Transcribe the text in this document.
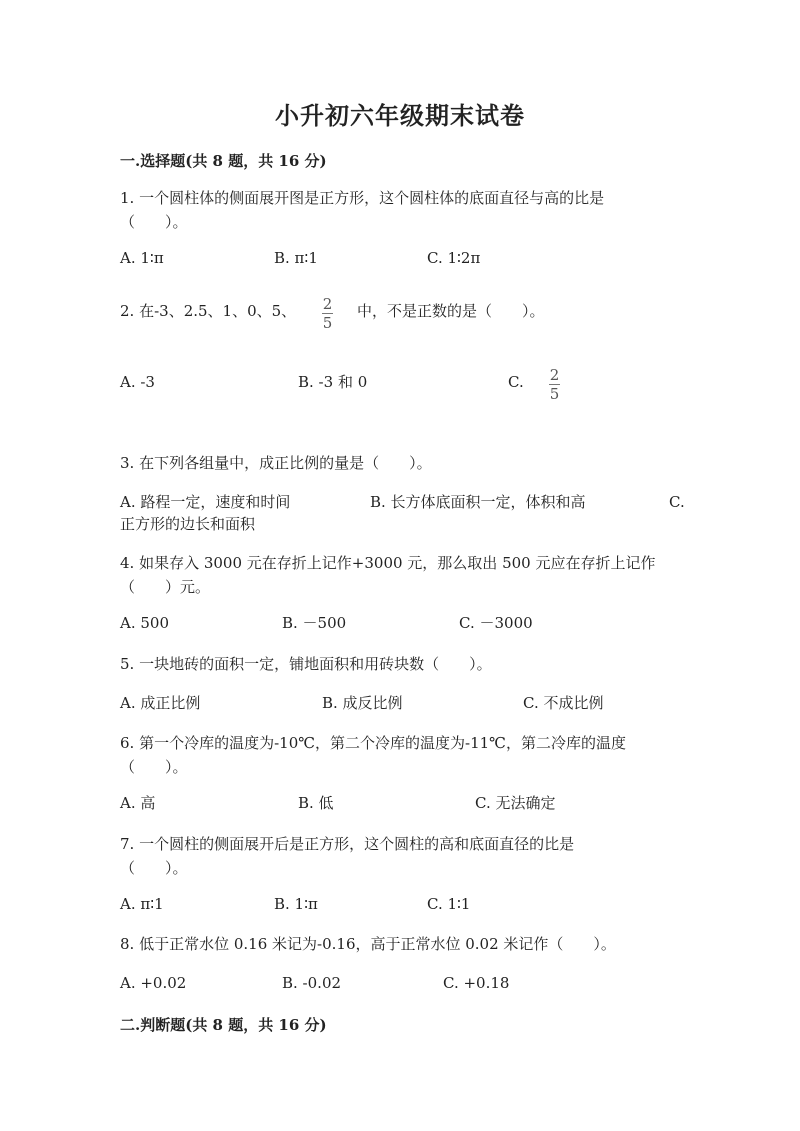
小升初六年级期末试卷
一.选择题(共 8 题，共 16 分)
1. 一个圆柱体的侧面展开图是正方形，这个圆柱体的底面直径与高的比是
（　　）。
A. 1∶π	B. π∶1	C. 1∶2π
2. 在-3、2.5、1、0、5、 2
5
中，不是正数的是（　　）。
A. -3	B. -3 和 0	C. 2
5
3. 在下列各组量中，成正比例的量是（　　）。
A. 路程一定，速度和时间	B. 长方体底面积一定，体积和高	C.
正方形的边长和面积
4. 如果存入 3000 元在存折上记作+3000 元，那么取出 500 元应在存折上记作
（　　）元。
A. 500	B. －500	C. －3000
5. 一块地砖的面积一定，铺地面积和用砖块数（　　）。
A. 成正比例	B. 成反比例	C. 不成比例
6. 第一个冷库的温度为-10℃，第二个冷库的温度为-11℃，第二冷库的温度
（　　）。
A. 高	B. 低	C. 无法确定
7. 一个圆柱的侧面展开后是正方形，这个圆柱的高和底面直径的比是
（　　）。
A. π∶1	B. 1∶π	C. 1∶1
8. 低于正常水位 0.16 米记为-0.16，高于正常水位 0.02 米记作（　　）。
A. +0.02	B. -0.02	C. +0.18
二.判断题(共 8 题，共 16 分)
